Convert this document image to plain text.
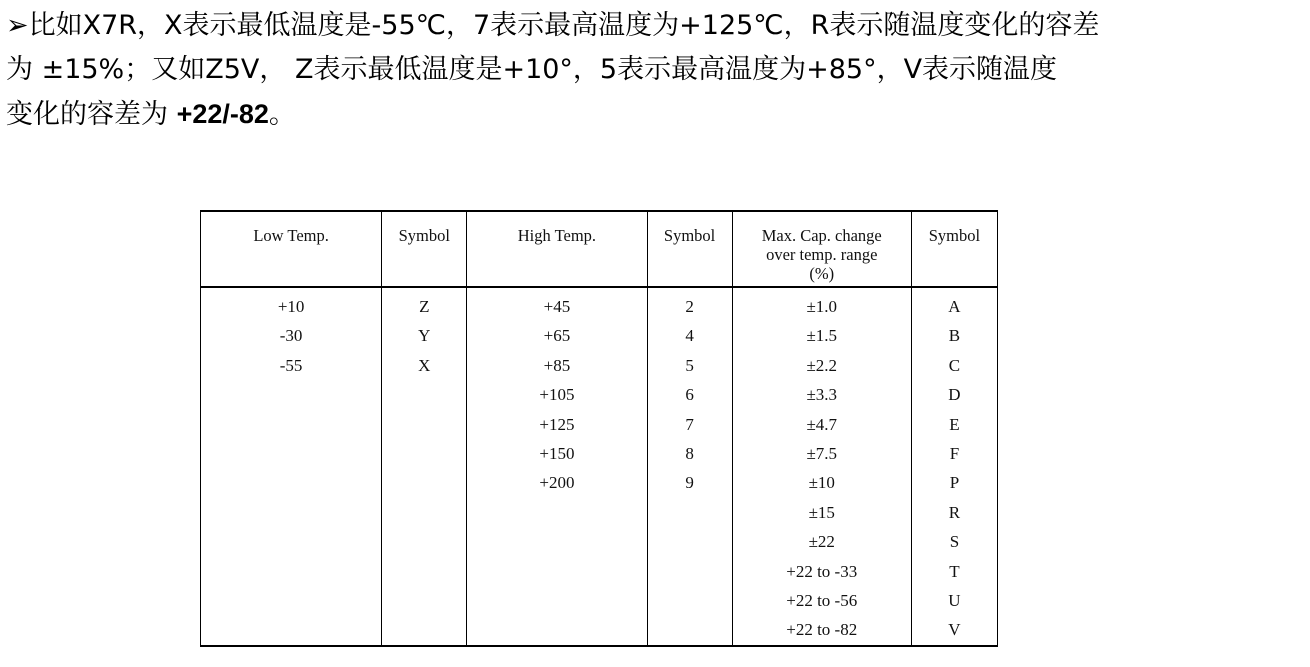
➢比如X7R，X表示最低温度是-55℃，7表示最高温度为+125℃，R表示随温度变化的容差
为 ±15%；又如Z5V， Z表示最低温度是+10°，5表示最高温度为+85°，V表示随温度
变化的容差为 +22/-82。
Low Temp.	Symbol	High Temp.	Symbol	Max. Cap. change
over temp. range
(%)	Symbol
+10	Z	+45	2	±1.0	A
-30	Y	+65	4	±1.5	B
-55	X	+85	5	±2.2	C
		+105	6	±3.3	D
		+125	7	±4.7	E
		+150	8	±7.5	F
		+200	9	±10	P
				±15	R
				±22	S
				+22 to -33	T
				+22 to -56	U
				+22 to -82	V
